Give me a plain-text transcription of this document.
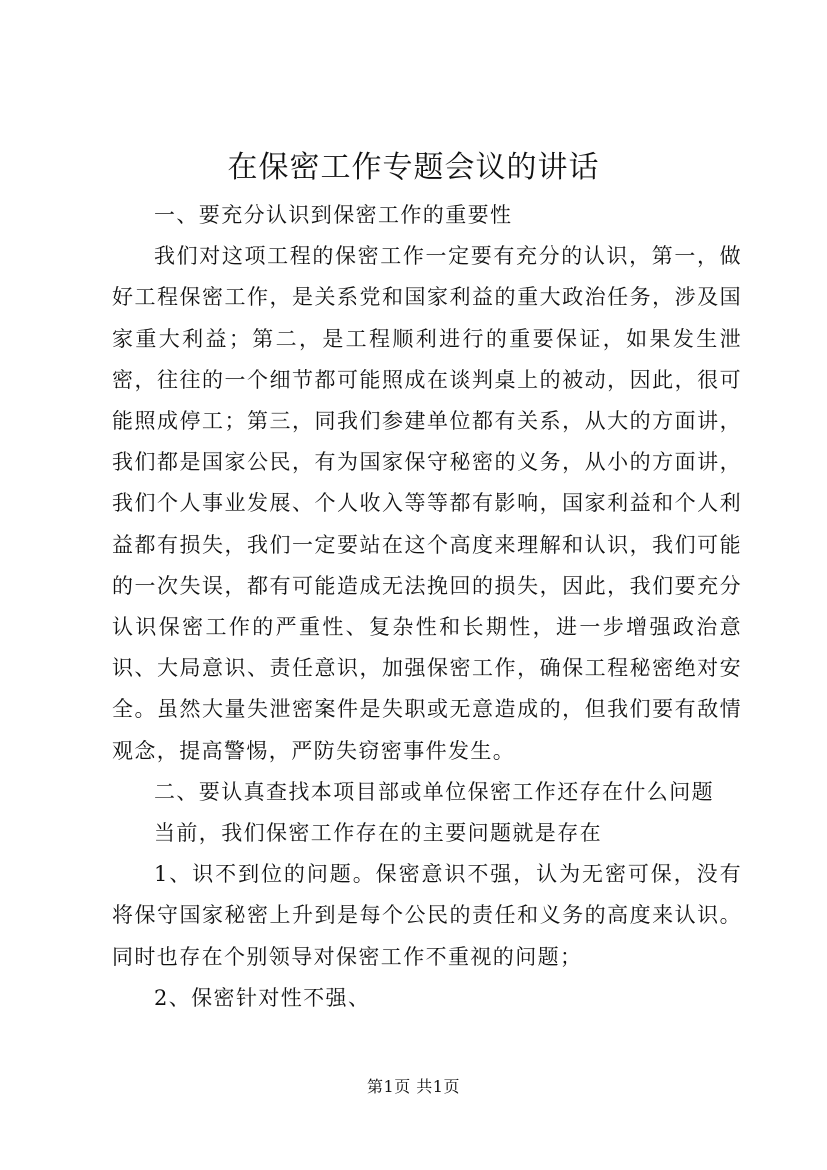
在保密工作专题会议的讲话

一、要充分认识到保密工作的重要性

我们对这项工程的保密工作一定要有充分的认识，第一，做好工程保密工作，是关系党和国家利益的重大政治任务，涉及国家重大利益；第二，是工程顺利进行的重要保证，如果发生泄密，往往的一个细节都可能照成在谈判桌上的被动，因此，很可能照成停工；第三，同我们参建单位都有关系，从大的方面讲，我们都是国家公民，有为国家保守秘密的义务，从小的方面讲，我们个人事业发展、个人收入等等都有影响，国家利益和个人利益都有损失，我们一定要站在这个高度来理解和认识，我们可能的一次失误，都有可能造成无法挽回的损失，因此，我们要充分认识保密工作的严重性、复杂性和长期性，进一步增强政治意识、大局意识、责任意识，加强保密工作，确保工程秘密绝对安全。虽然大量失泄密案件是失职或无意造成的，但我们要有敌情观念，提高警惕，严防失窃密事件发生。

二、要认真查找本项目部或单位保密工作还存在什么问题

当前，我们保密工作存在的主要问题就是存在

1、识不到位的问题。保密意识不强，认为无密可保，没有将保守国家秘密上升到是每个公民的责任和义务的高度来认识。同时也存在个别领导对保密工作不重视的问题；

2、保密针对性不强、

第1页 共1页
